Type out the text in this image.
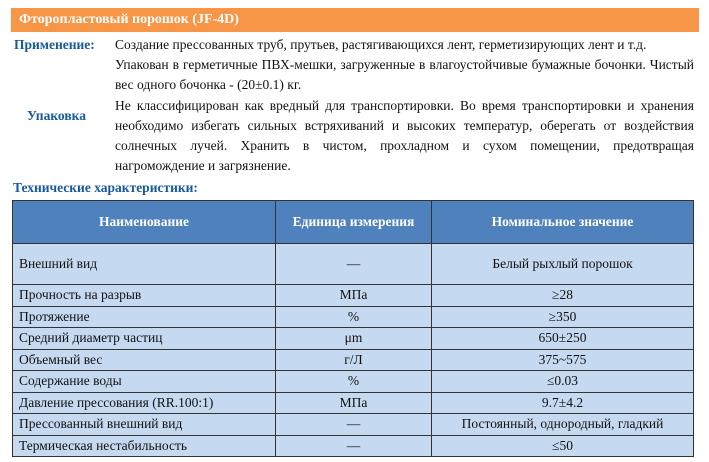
Фторопластовый порошок (JF-4D)
Применение: Создание прессованных труб, прутьев, растягивающихся лент, герметизирующих лент и т.д.
Упаковка
Упакован в герметичные ПВХ-мешки, загруженные в влагоустойчивые бумажные бочонки. Чистый вес одного бочонка - (20±0.1) кг.
Не классифицирован как вредный для транспортировки. Во время транспортировки и хранения необходимо избегать сильных встряхиваний и высоких температур, оберегать от воздействия солнечных лучей. Хранить в чистом, прохладном и сухом помещении, предотвращая нагромождение и загрязнение.
Технические характеристики:
Наименование	Единица измерения	Номинальное значение
Внешний вид	—	Белый рыхлый порошок
Прочность на разрыв	МПа	≥28
Протяжение	%	≥350
Средний диаметр частиц	μm	650±250
Объемный вес	г/Л	375~575
Содержание воды	%	≤0.03
Давление прессования (RR.100:1)	МПа	9.7±4.2
Прессованный внешний вид	—	Постоянный, однородный, гладкий
Термическая нестабильность	—	≤50
